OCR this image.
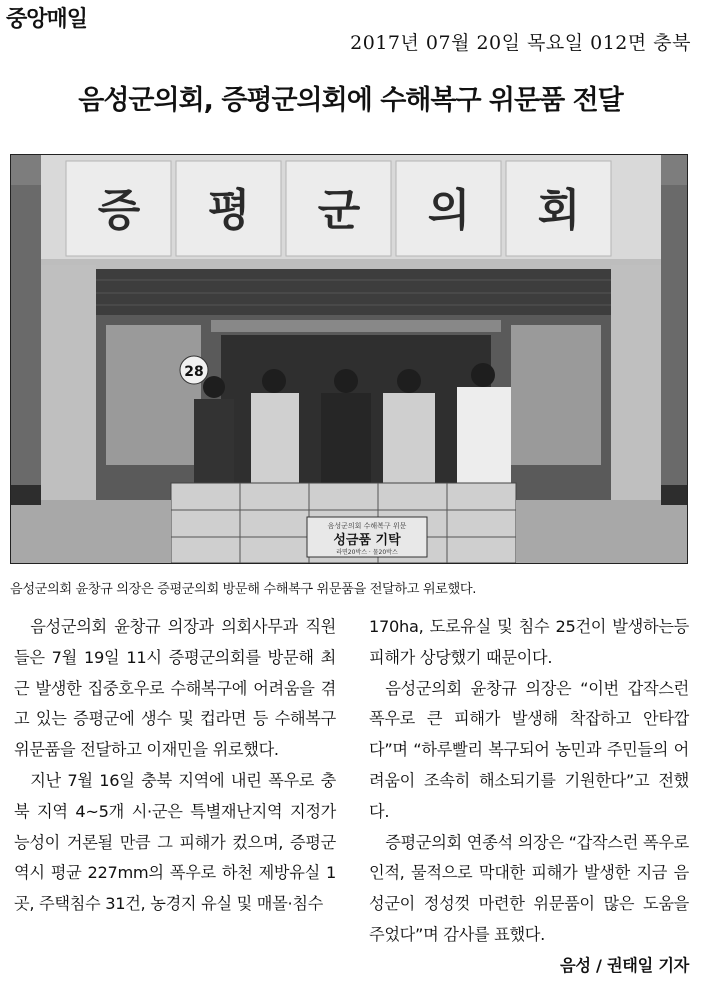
중앙매일
2017년 07월 20일 목요일 012면 충북
음성군의회, 증평군의회에 수해복구 위문품 전달
증 평 군 의 회
28
음성군의회 수해복구 위문
성금품 기탁
라면20박스 · 물20박스
음성군의회 윤창규 의장은 증평군의회 방문해 수해복구 위문품을 전달하고 위로했다.

음성군의회 윤창규 의장과 의회사무과 직원들은 7월 19일 11시 증평군의회를 방문해 최근 발생한 집중호우로 수해복구에 어려움을 겪고 있는 증평군에 생수 및 컵라면 등 수해복구 위문품을 전달하고 이재민을 위로했다.

지난 7월 16일 충북 지역에 내린 폭우로 충북 지역 4~5개 시·군은 특별재난지역 지정가능성이 거론될 만큼 그 피해가 컸으며, 증평군 역시 평균 227mm의 폭우로 하천 제방유실 1곳, 주택침수 31건, 농경지 유실 및 매몰·침수

170ha, 도로유실 및 침수 25건이 발생하는등 피해가 상당했기 때문이다.

음성군의회 윤창규 의장은 “이번 갑작스런 폭우로 큰 피해가 발생해 착잡하고 안타깝다”며 “하루빨리 복구되어 농민과 주민들의 어려움이 조속히 해소되기를 기원한다”고 전했다.

증평군의회 연종석 의장은 “갑작스런 폭우로 인적, 물적으로 막대한 피해가 발생한 지금 음성군이 정성껏 마련한 위문품이 많은 도움을 주었다”며 감사를 표했다.
음성 / 권태일 기자
